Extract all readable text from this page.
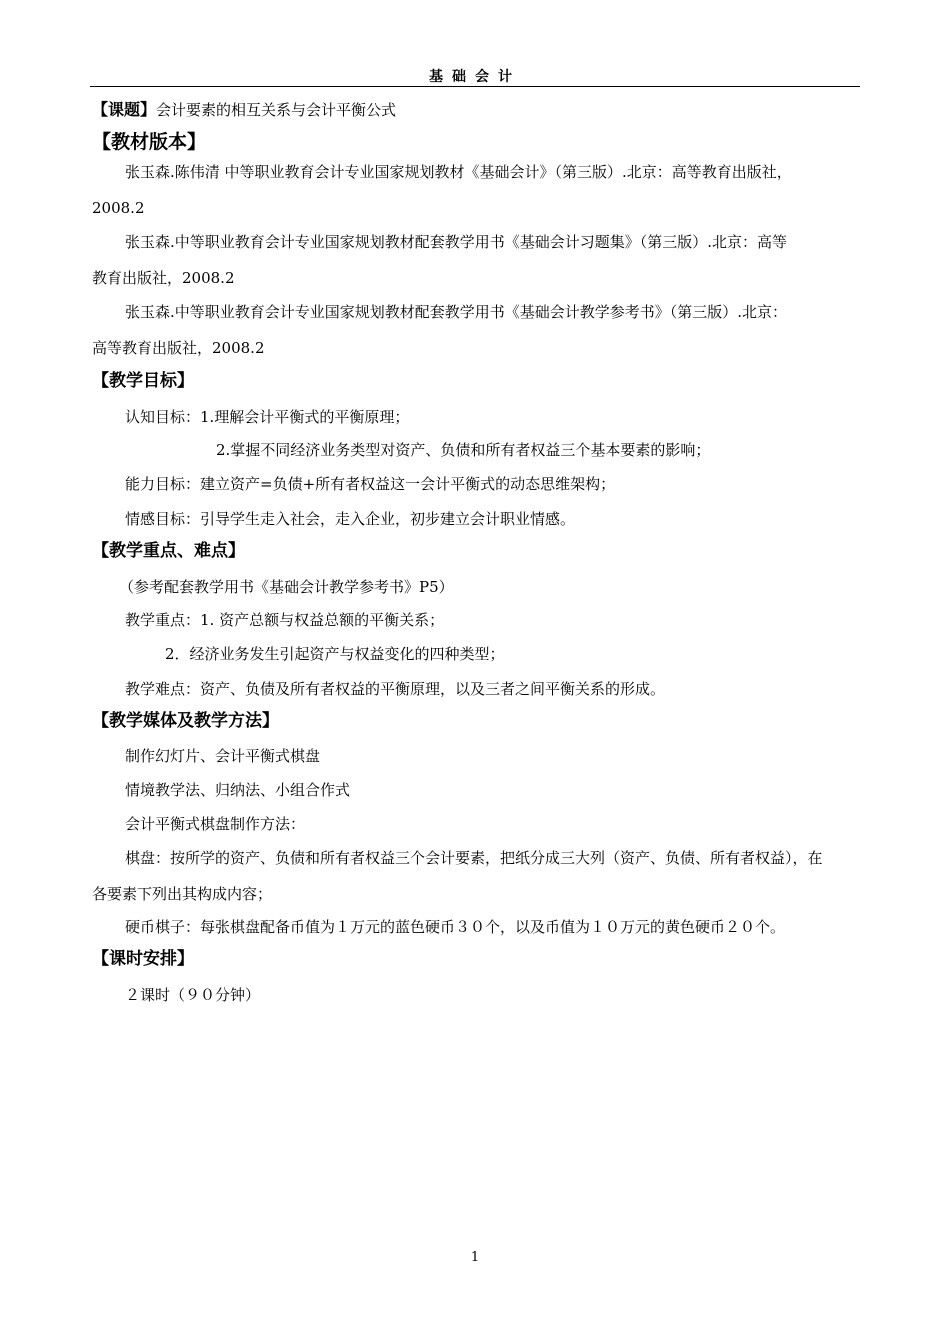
基础会计
【课题】会计要素的相互关系与会计平衡公式
【教材版本】
张玉森.陈伟清 中等职业教育会计专业国家规划教材《基础会计》（第三版）.北京：高等教育出版社，
2008.2
张玉森.中等职业教育会计专业国家规划教材配套教学用书《基础会计习题集》（第三版）.北京：高等
教育出版社，2008.2
张玉森.中等职业教育会计专业国家规划教材配套教学用书《基础会计教学参考书》（第三版）.北京：
高等教育出版社，2008.2
【教学目标】
认知目标：1.理解会计平衡式的平衡原理；
2.掌握不同经济业务类型对资产、负债和所有者权益三个基本要素的影响；
能力目标：建立资产=负债+所有者权益这一会计平衡式的动态思维架构；
情感目标：引导学生走入社会，走入企业，初步建立会计职业情感。
【教学重点、难点】
（参考配套教学用书《基础会计教学参考书》P5）
教学重点：1. 资产总额与权益总额的平衡关系；
2．经济业务发生引起资产与权益变化的四种类型；
教学难点：资产、负债及所有者权益的平衡原理，以及三者之间平衡关系的形成。
【教学媒体及教学方法】
制作幻灯片、会计平衡式棋盘
情境教学法、归纳法、小组合作式
会计平衡式棋盘制作方法：
棋盘：按所学的资产、负债和所有者权益三个会计要素，把纸分成三大列（资产、负债、所有者权益），在
各要素下列出其构成内容；
硬币棋子：每张棋盘配备币值为１万元的蓝色硬币３０个，以及币值为１０万元的黄色硬币２０个。
【课时安排】
２课时（９０分钟）
1
